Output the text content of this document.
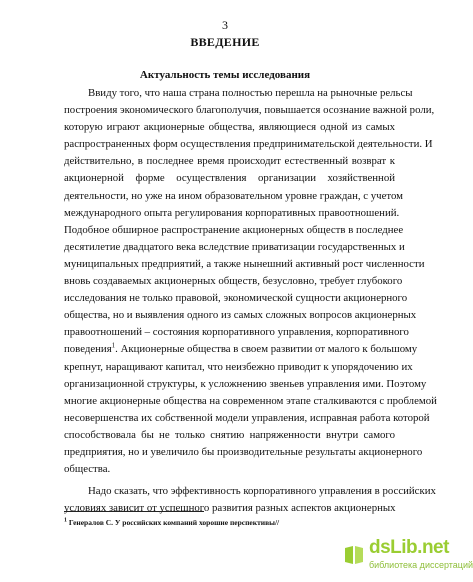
3
ВВЕДЕНИЕ
Актуальность темы исследования
Ввиду того, что наша страна полностью перешла на рыночные рельсы
построения экономического благополучия, повышается осознание важной роли,
которую играют акционерные общества, являющиеся одной из самых
распространенных форм осуществления предпринимательской деятельности. И
действительно, в последнее время происходит естественный возврат к
акционерной форме осуществления организации хозяйственной
деятельности, но уже на ином образовательном уровне граждан, с учетом
международного опыта регулирования корпоративных правоотношений.
Подобное обширное распространение акционерных обществ в последнее
десятилетие двадцатого века вследствие приватизации государственных и
муниципальных предприятий, а также нынешний активный рост численности
вновь создаваемых акционерных обществ, безусловно, требует глубокого
исследования не только правовой, экономической сущности акционерного
общества, но и выявления одного из самых сложных вопросов акционерных
правоотношений – состояния корпоративного управления, корпоративного
поведения$^1$. Акционерные общества в своем развитии от малого к большому
крепнут, наращивают капитал, что неизбежно приводит к упорядочению их
организационной структуры, к усложнению звеньев управления ими. Поэтому
многие акционерные общества на современном этапе сталкиваются с проблемой
несовершенства их собственной модели управления, исправная работа которой
способствовала бы не только снятию напряженности внутри самого
предприятия, но и увеличило бы производительные результаты акционерного
общества.
Надо сказать, что эффективность корпоративного управления в российских
условиях зависит от успешного развития разных аспектов акционерных
$^1$ Генералов С. У российских компаний хорошие перспективы//
dsLib.net
библиотека диссертаций
